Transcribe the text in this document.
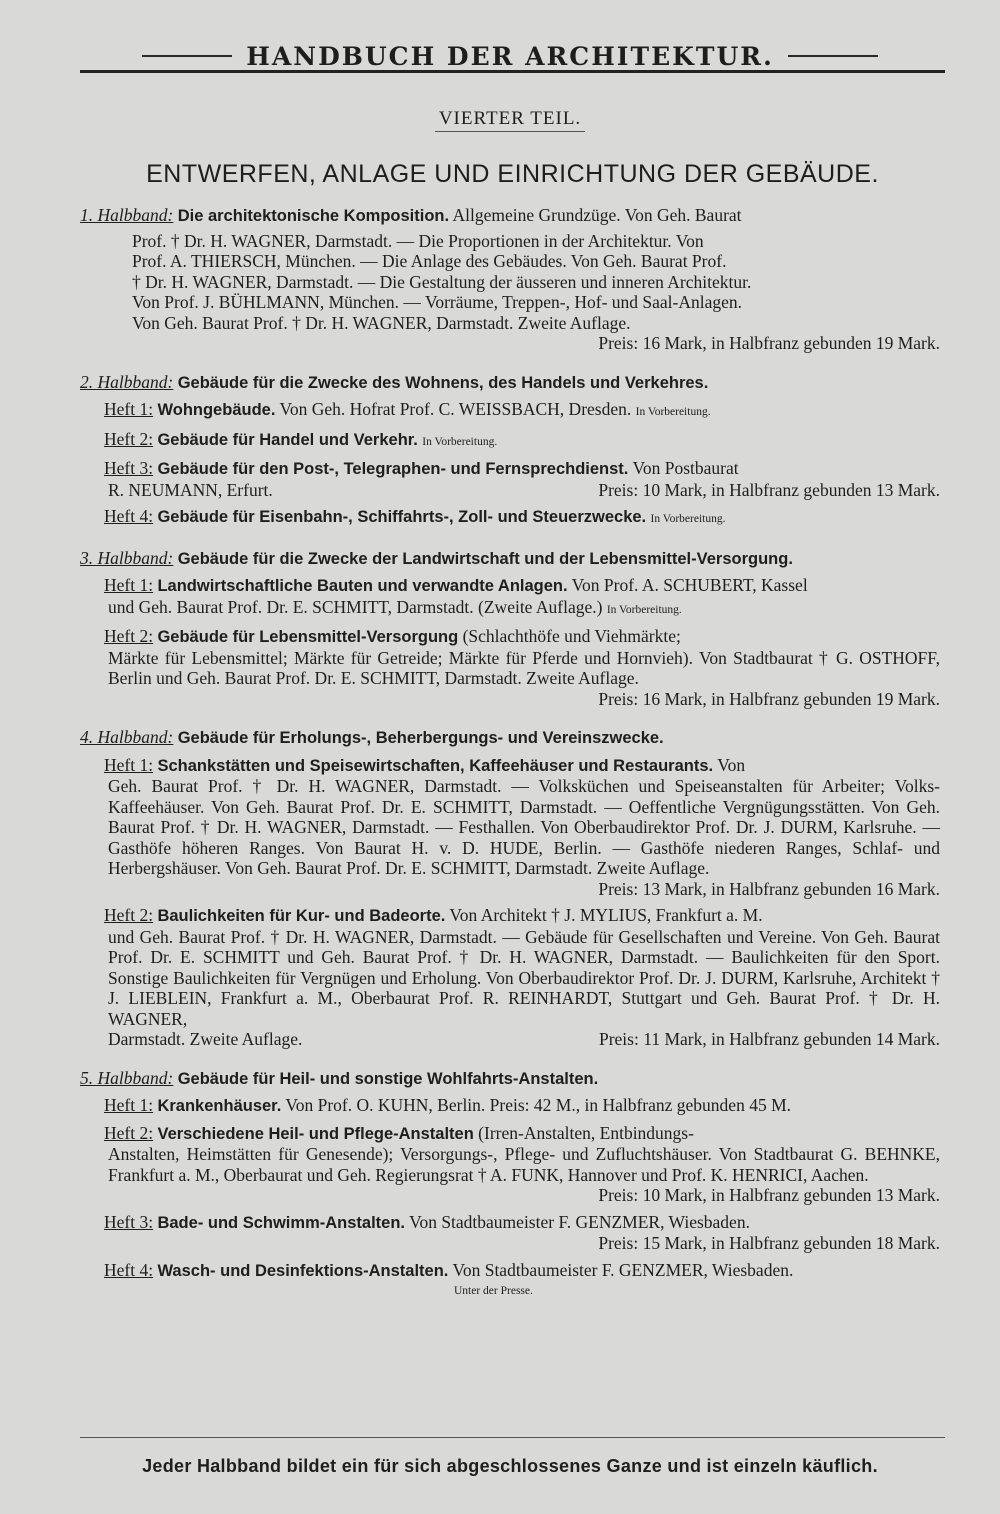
HANDBUCH DER ARCHITEKTUR.
VIERTER TEIL.
ENTWERFEN, ANLAGE UND EINRICHTUNG DER GEBÄUDE.
1. Halbband: Die architektonische Komposition. Allgemeine Grundzüge. Von Geh. Baurat

Prof. † Dr. H. WAGNER, Darmstadt. — Die Proportionen in der Architektur. Von

Prof. A. THIERSCH, München. — Die Anlage des Gebäudes. Von Geh. Baurat Prof.

† Dr. H. WAGNER, Darmstadt. — Die Gestaltung der äusseren und inneren Architektur.

Von Prof. J. BÜHLMANN, München. — Vorräume, Treppen-, Hof- und Saal-Anlagen.

Von Geh. Baurat Prof. † Dr. H. WAGNER, Darmstadt. Zweite Auflage.

Preis: 16 Mark, in Halbfranz gebunden 19 Mark.

2. Halbband: Gebäude für die Zwecke des Wohnens, des Handels und Verkehres.
Heft 1: Wohngebäude. Von Geh. Hofrat Prof. C. WEISSBACH, Dresden. In Vorbereitung.
Heft 2: Gebäude für Handel und Verkehr. In Vorbereitung.
Heft 3: Gebäude für den Post-, Telegraphen- und Fernsprechdienst. Von Postbaurat
R. NEUMANN, Erfurt.	Preis: 10 Mark, in Halbfranz gebunden 13 Mark.
Heft 4: Gebäude für Eisenbahn-, Schiffahrts-, Zoll- und Steuerzwecke. In Vorbereitung.
3. Halbband: Gebäude für die Zwecke der Landwirtschaft und der Lebensmittel-Versorgung.
Heft 1: Landwirtschaftliche Bauten und verwandte Anlagen. Von Prof. A. SCHUBERT, Kassel
und Geh. Baurat Prof. Dr. E. SCHMITT, Darmstadt. (Zweite Auflage.) In Vorbereitung.
Heft 2: Gebäude für Lebensmittel-Versorgung (Schlachthöfe und Viehmärkte;
Märkte für Lebensmittel; Märkte für Getreide; Märkte für Pferde und Hornvieh). Von Stadtbaurat † G. OSTHOFF, Berlin und Geh. Baurat Prof. Dr. E. SCHMITT, Darmstadt. Zweite Auflage.
Preis: 16 Mark, in Halbfranz gebunden 19 Mark.
4. Halbband: Gebäude für Erholungs-, Beherbergungs- und Vereinszwecke.
Heft 1: Schankstätten und Speisewirtschaften, Kaffeehäuser und Restaurants. Von
Geh. Baurat Prof. † Dr. H. WAGNER, Darmstadt. — Volksküchen und Speiseanstalten für Arbeiter; Volks-Kaffeehäuser. Von Geh. Baurat Prof. Dr. E. SCHMITT, Darmstadt. — Oeffentliche Vergnügungsstätten. Von Geh. Baurat Prof. † Dr. H. WAGNER, Darmstadt. — Festhallen. Von Oberbaudirektor Prof. Dr. J. DURM, Karlsruhe. — Gasthöfe höheren Ranges. Von Baurat H. v. D. HUDE, Berlin. — Gasthöfe niederen Ranges, Schlaf- und Herbergshäuser. Von Geh. Baurat Prof. Dr. E. SCHMITT, Darmstadt. Zweite Auflage.
Preis: 13 Mark, in Halbfranz gebunden 16 Mark.
Heft 2: Baulichkeiten für Kur- und Badeorte. Von Architekt † J. MYLIUS, Frankfurt a. M.
und Geh. Baurat Prof. † Dr. H. WAGNER, Darmstadt. — Gebäude für Gesellschaften und Vereine. Von Geh. Baurat Prof. Dr. E. SCHMITT und Geh. Baurat Prof. † Dr. H. WAGNER, Darmstadt. — Baulichkeiten für den Sport. Sonstige Baulichkeiten für Vergnügen und Erholung. Von Oberbaudirektor Prof. Dr. J. DURM, Karlsruhe, Architekt † J. LIEBLEIN, Frankfurt a. M., Oberbaurat Prof. R. REINHARDT, Stuttgart und Geh. Baurat Prof. † Dr. H. WAGNER,
Darmstadt. Zweite Auflage.	Preis: 11 Mark, in Halbfranz gebunden 14 Mark.
5. Halbband: Gebäude für Heil- und sonstige Wohlfahrts-Anstalten.
Heft 1: Krankenhäuser. Von Prof. O. KUHN, Berlin. Preis: 42 M., in Halbfranz gebunden 45 M.
Heft 2: Verschiedene Heil- und Pflege-Anstalten (Irren-Anstalten, Entbindungs-
Anstalten, Heimstätten für Genesende); Versorgungs-, Pflege- und Zufluchtshäuser. Von Stadtbaurat G. BEHNKE, Frankfurt a. M., Oberbaurat und Geh. Regierungsrat † A. FUNK, Hannover und Prof. K. HENRICI, Aachen.
Preis: 10 Mark, in Halbfranz gebunden 13 Mark.
Heft 3: Bade- und Schwimm-Anstalten. Von Stadtbaumeister F. GENZMER, Wiesbaden.
Preis: 15 Mark, in Halbfranz gebunden 18 Mark.
Heft 4: Wasch- und Desinfektions-Anstalten. Von Stadtbaumeister F. GENZMER, Wiesbaden.
Unter der Presse.
Jeder Halbband bildet ein für sich abgeschlossenes Ganze und ist einzeln käuflich.
